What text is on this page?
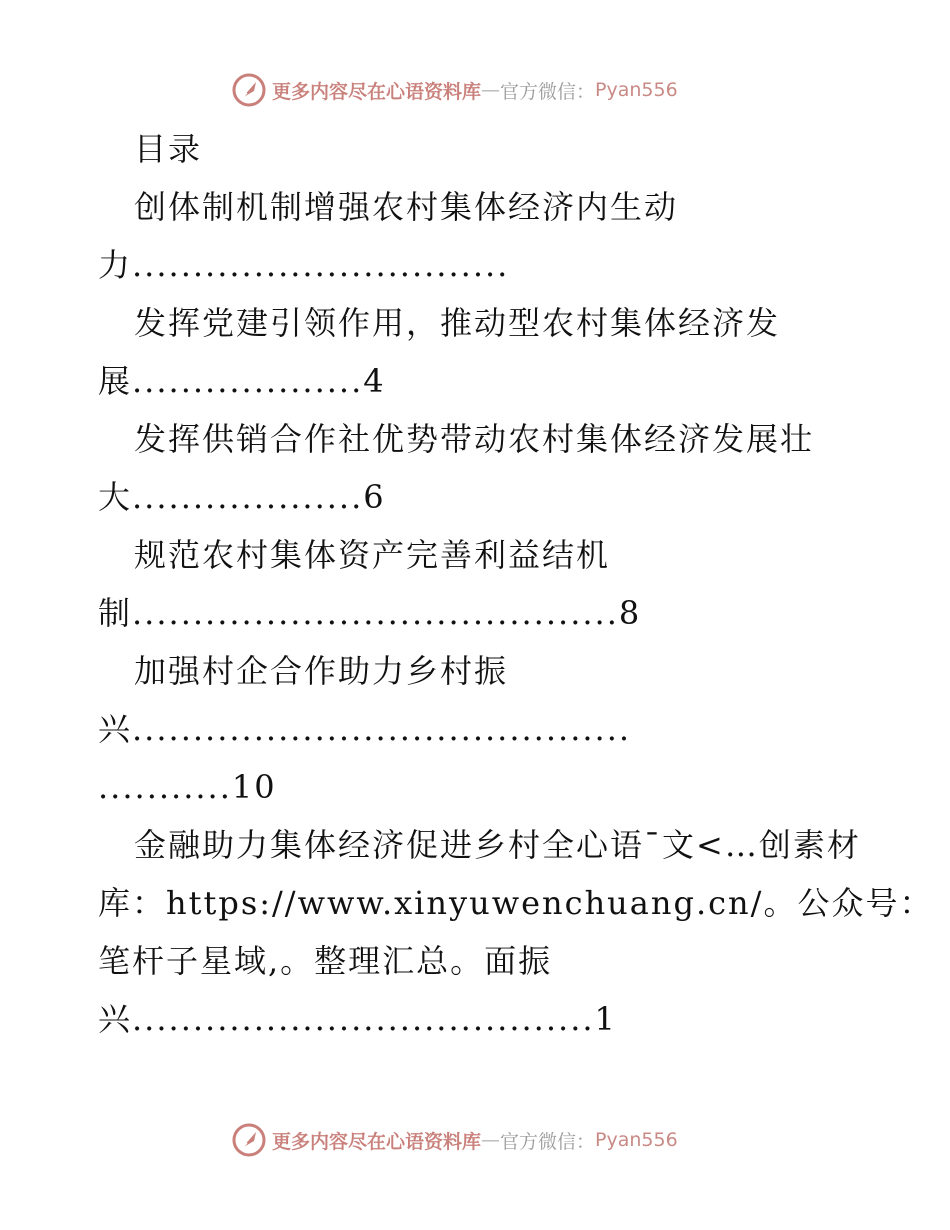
更多内容尽在心语资料库 — 官方微信： Pyan556
目录
创体制机制增强农村集体经济内生动
力...............................
发挥党建引领作用，推动型农村集体经济发
展...................4
发挥供销合作社优势带动农村集体经济发展壮
大...................6
规范农村集体资产完善利益结机
制........................................8
加强村企合作助力乡村振
兴.........................................
...........10
金融助力集体经济促进乡村全心语¯文<…创素材
库：https://www.xinyuwenchuang.cn/。公众号：
笔杆子星域,。整理汇总。面振
兴......................................1
更多内容尽在心语资料库 — 官方微信： Pyan556
